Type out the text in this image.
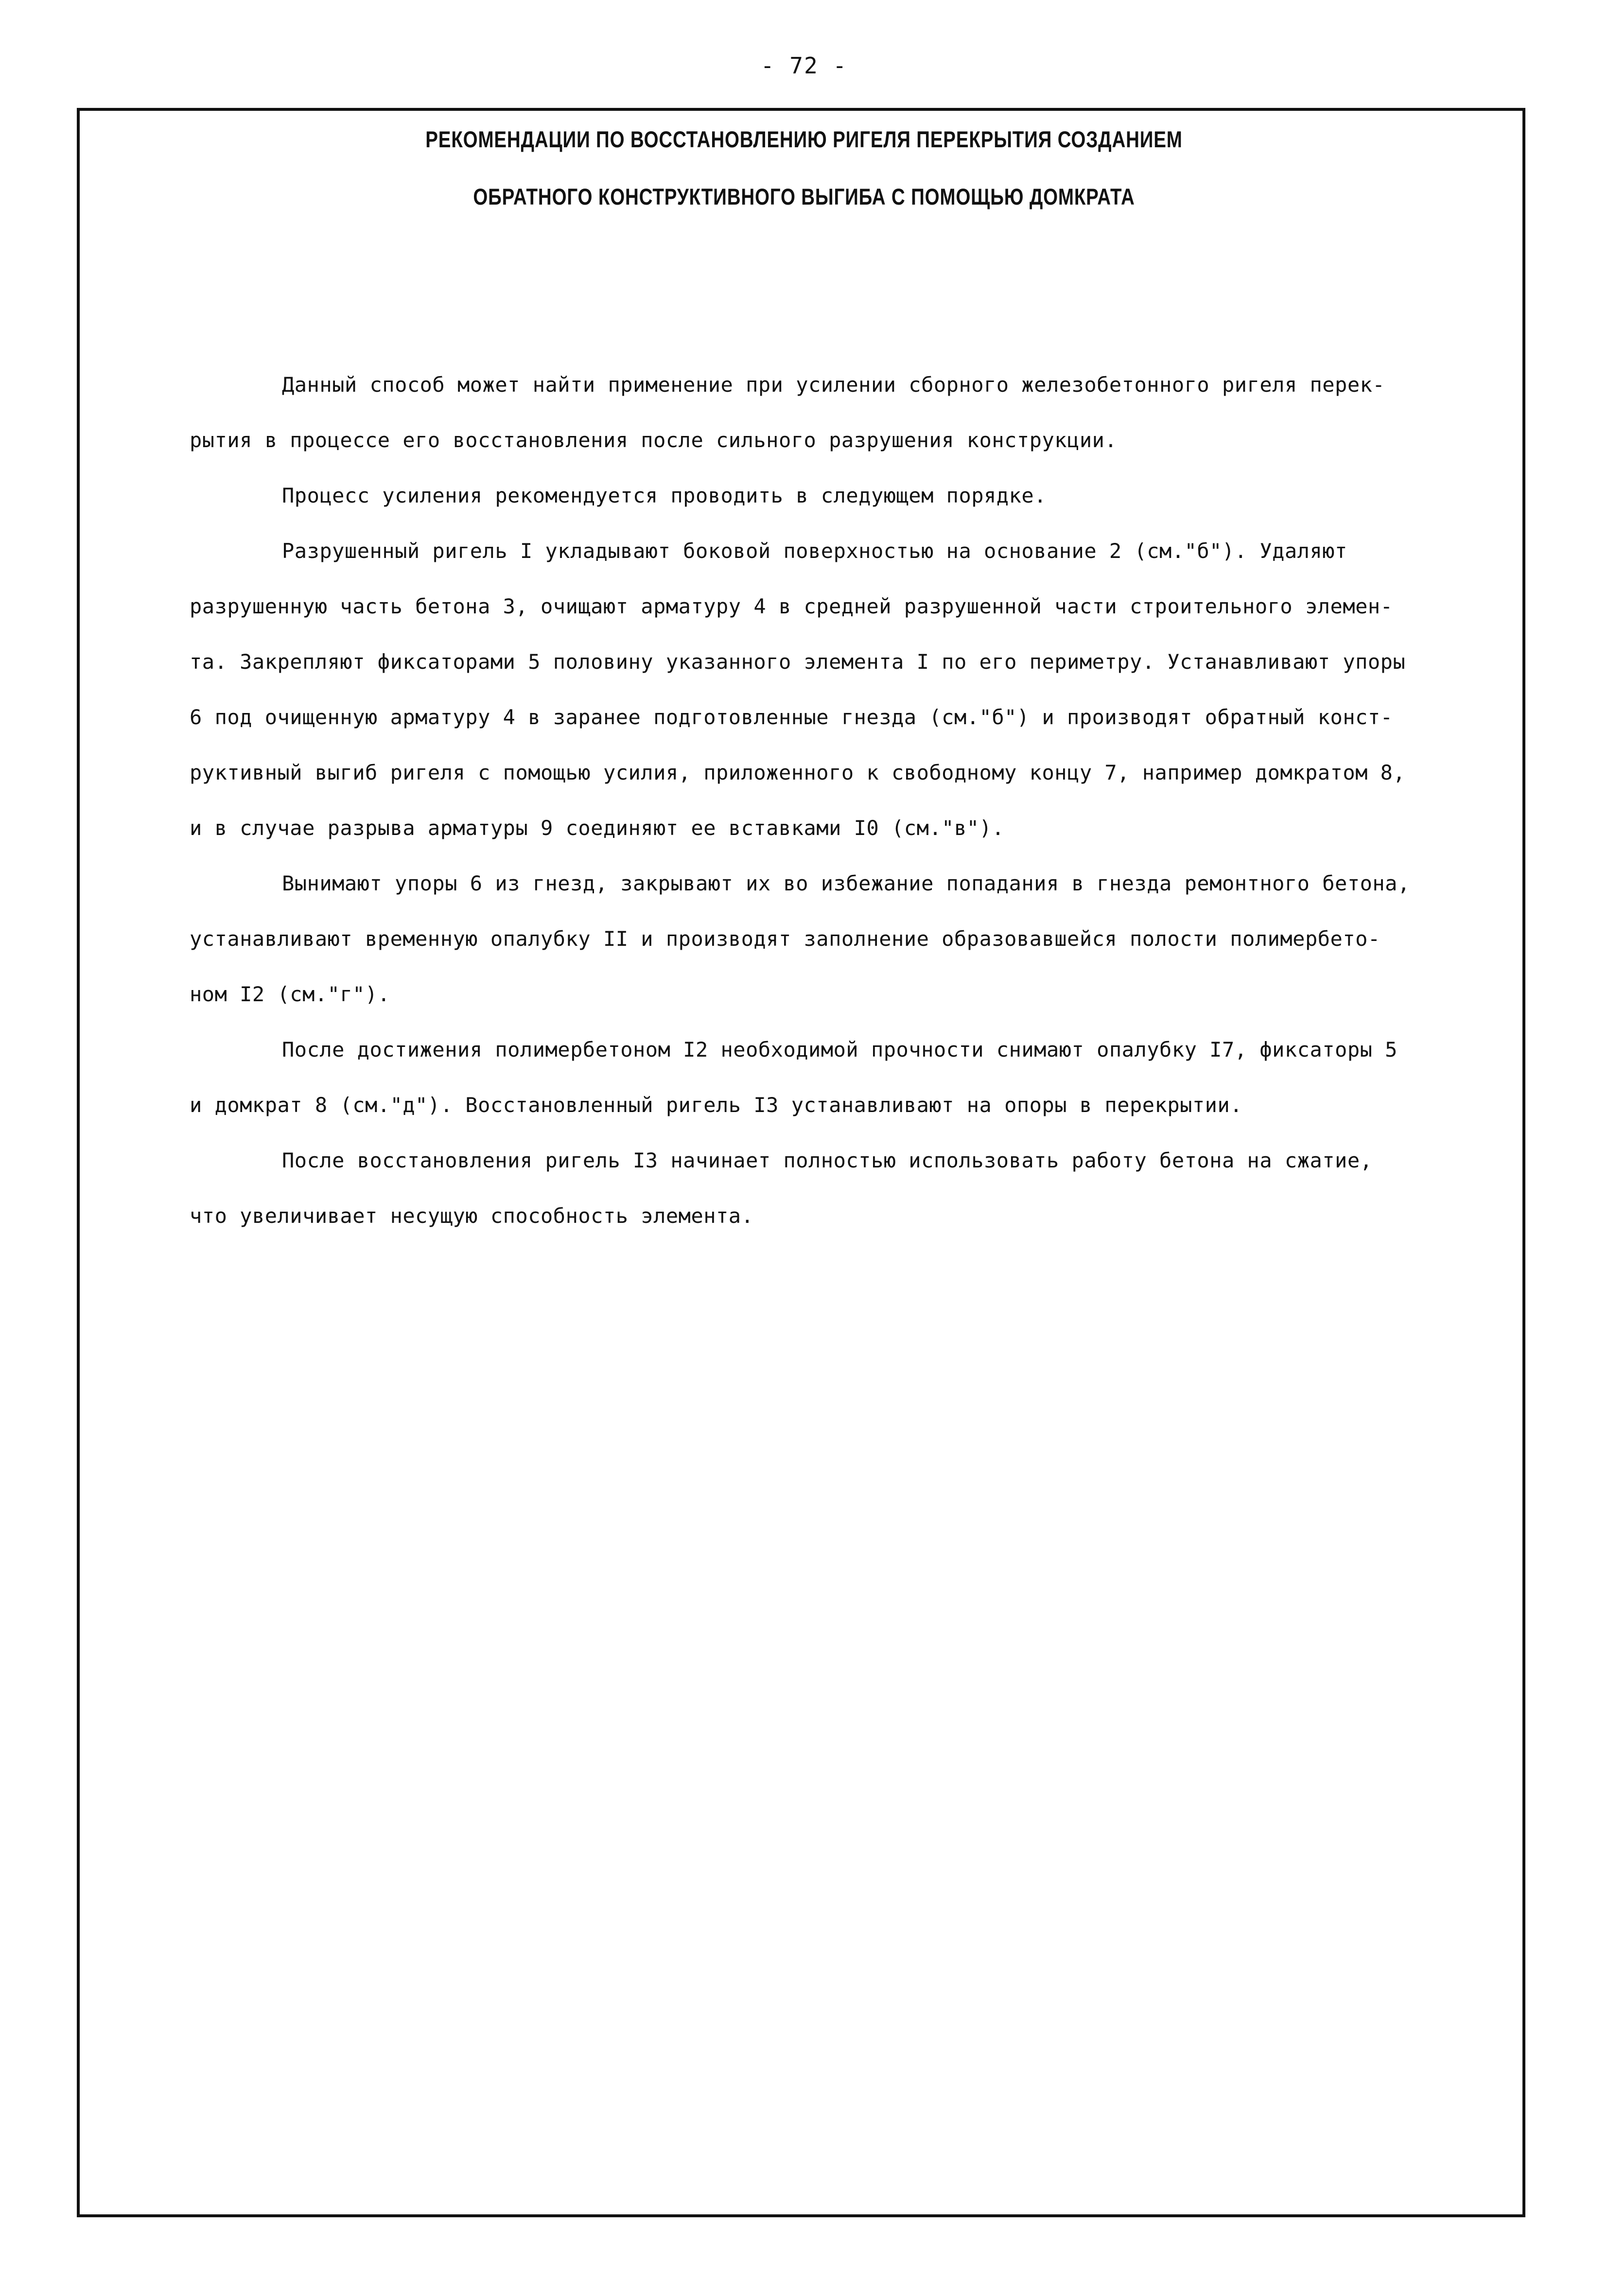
- 72 -
РЕКОМЕНДАЦИИ ПО ВОССТАНОВЛЕНИЮ РИГЕЛЯ ПЕРЕКРЫТИЯ СОЗДАНИЕМ
ОБРАТНОГО КОНСТРУКТИВНОГО ВЫГИБА С ПОМОЩЬЮ ДОМКРАТА

Данный способ может найти применение при усилении сборного железобетонного ригеля перек-
рытия в процессе его восстановления после сильного разрушения конструкции.

Процесс усиления рекомендуется проводить в следующем порядке.

Разрушенный ригель I укладывают боковой поверхностью на основание 2 (см."б"). Удаляют
разрушенную часть бетона 3, очищают арматуру 4 в средней разрушенной части строительного элемен-
та. Закрепляют фиксаторами 5 половину указанного элемента I по его периметру. Устанавливают упоры
6 под очищенную арматуру 4 в заранее подготовленные гнезда (см."б") и производят обратный конст-
руктивный выгиб ригеля с помощью усилия, приложенного к свободному концу 7, например домкратом 8,
и в случае разрыва арматуры 9 соединяют ее вставками I0 (см."в").

Вынимают упоры 6 из гнезд, закрывают их во избежание попадания в гнезда ремонтного бетона,
устанавливают временную опалубку II и производят заполнение образовавшейся полости полимербето-
ном I2 (см."г").

После достижения полимербетоном I2 необходимой прочности снимают опалубку I7, фиксаторы 5
и домкрат 8 (см."д"). Восстановленный ригель I3 устанавливают на опоры в перекрытии.

После восстановления ригель I3 начинает полностью использовать работу бетона на сжатие,
что увеличивает несущую способность элемента.
